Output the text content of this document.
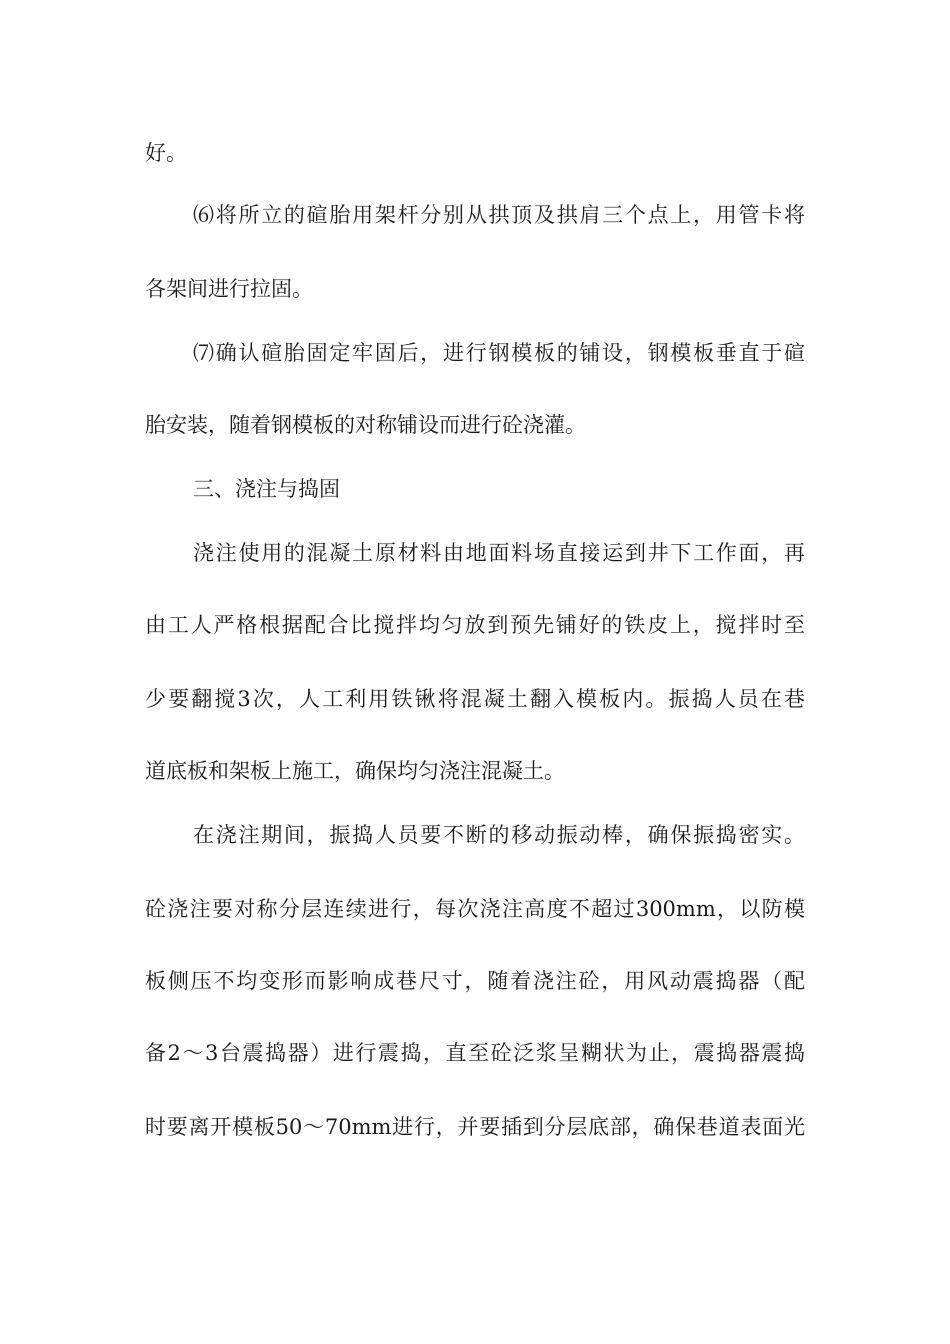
好。
⑹将所立的碹胎用架杆分别从拱顶及拱肩三个点上，用管卡将
各架间进行拉固。
⑺确认碹胎固定牢固后，进行钢模板的铺设，钢模板垂直于碹
胎安装，随着钢模板的对称铺设而进行砼浇灌。
三、浇注与捣固
浇注使用的混凝土原材料由地面料场直接运到井下工作面，再
由工人严格根据配合比搅拌均匀放到预先铺好的铁皮上，搅拌时至
少要翻搅3次，人工利用铁锹将混凝土翻入模板内。振捣人员在巷
道底板和架板上施工，确保均匀浇注混凝土。
在浇注期间，振捣人员要不断的移动振动棒，确保振捣密实。
砼浇注要对称分层连续进行，每次浇注高度不超过300mm，以防模
板侧压不均变形而影响成巷尺寸，随着浇注砼，用风动震捣器（配
备2～3台震捣器）进行震捣，直至砼泛浆呈糊状为止，震捣器震捣
时要离开模板50～70mm进行，并要插到分层底部，确保巷道表面光
